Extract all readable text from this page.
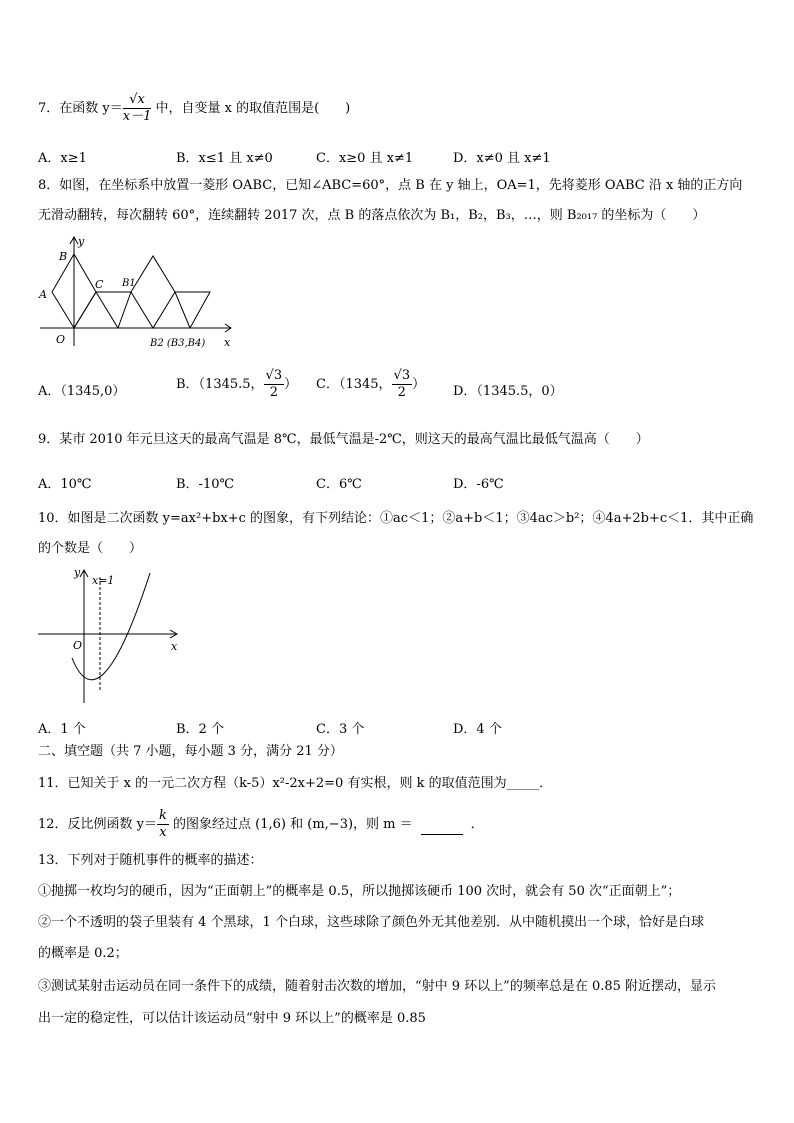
7．在函数 $y= \frac{√x}{x-1}$ 中，自变量 x 的取值范围是(　　)
A．x≥1	B．x≤1 且 x≠0	C．x≥0 且 x≠1	D．x≠0 且 x≠1
8．如图，在坐标系中放置一菱形 OABC，已知∠ABC=60°，点 B 在 y 轴上，OA=1，先将菱形 OABC 沿 x 轴的正方向
无滑动翻转，每次翻转 60°，连续翻转 2017 次，点 B 的落点依次为 B₁，B₂，B₃，…，则 B₂₀₁₇ 的坐标为（　　）
y
B
A
C B1
O	B2 (B3,B4) x
A．（1345,0）	B．（1345.5， $\frac{√3}{2}$ ） C．（1345， $\frac{√3}{2}$ ） D．（1345.5，0）
9．某市 2010 年元旦这天的最高气温是 8℃，最低气温是-2℃，则这天的最高气温比最低气温高（　　）
A．10℃	B．-10℃	C．6℃	D．-6℃
10．如图是二次函数 y=ax²+bx+c 的图象，有下列结论：①ac＜1；②a+b＜1；③4ac＞b²；④4a+2b+c＜1．其中正确
的个数是（　　）
y
x=1
O	x
A．1 个	B．2 个	C．3 个	D．4 个
二、填空题（共 7 小题，每小题 3 分，满分 21 分）
11．已知关于 x 的一元二次方程（k-5）x²-2x+2=0 有实根，则 k 的取值范围为_____．
12．反比例函数 $y= \frac{k}{x}$ 的图象经过点 (1,6) 和 (m,−3)，则 m ＝	．
13．下列对于随机事件的概率的描述：
①抛掷一枚均匀的硬币，因为“正面朝上”的概率是 0.5，所以抛掷该硬币 100 次时，就会有 50 次“正面朝上”；
②一个不透明的袋子里装有 4 个黑球，1 个白球，这些球除了颜色外无其他差别．从中随机摸出一个球，恰好是白球
的概率是 0.2；
③测试某射击运动员在同一条件下的成绩，随着射击次数的增加，“射中 9 环以上”的频率总是在 0.85 附近摆动，显示
出一定的稳定性，可以估计该运动员“射中 9 环以上”的概率是 0.85
